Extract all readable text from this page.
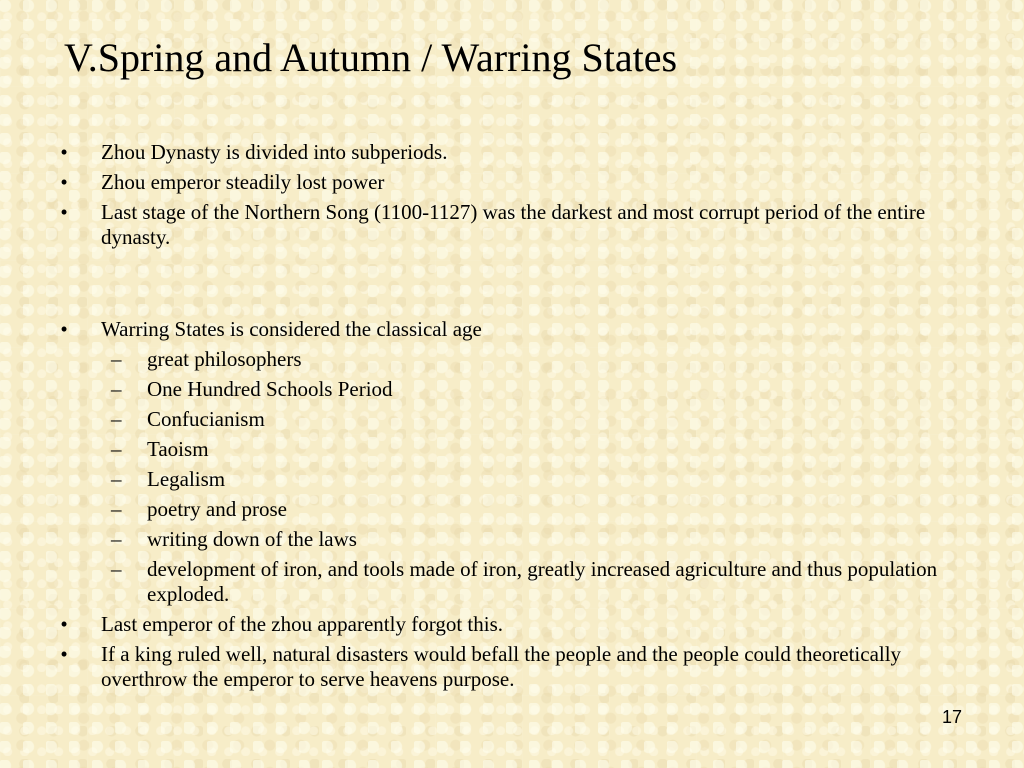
V.Spring and Autumn / Warring States
• Zhou Dynasty is divided into subperiods.
• Zhou emperor steadily lost power
• Last stage of the Northern Song (1100-1127) was the darkest and most corrupt period of the entire dynasty.
• Warring States is considered the classical age
– great philosophers
– One Hundred Schools Period
– Confucianism
– Taoism
– Legalism
– poetry and prose
– writing down of the laws
– development of iron, and tools made of iron, greatly increased agriculture and thus population exploded.
• Last emperor of the zhou apparently forgot this.
• If a king ruled well, natural disasters would befall the people and the people could theoretically overthrow the emperor to serve heavens purpose.
17
